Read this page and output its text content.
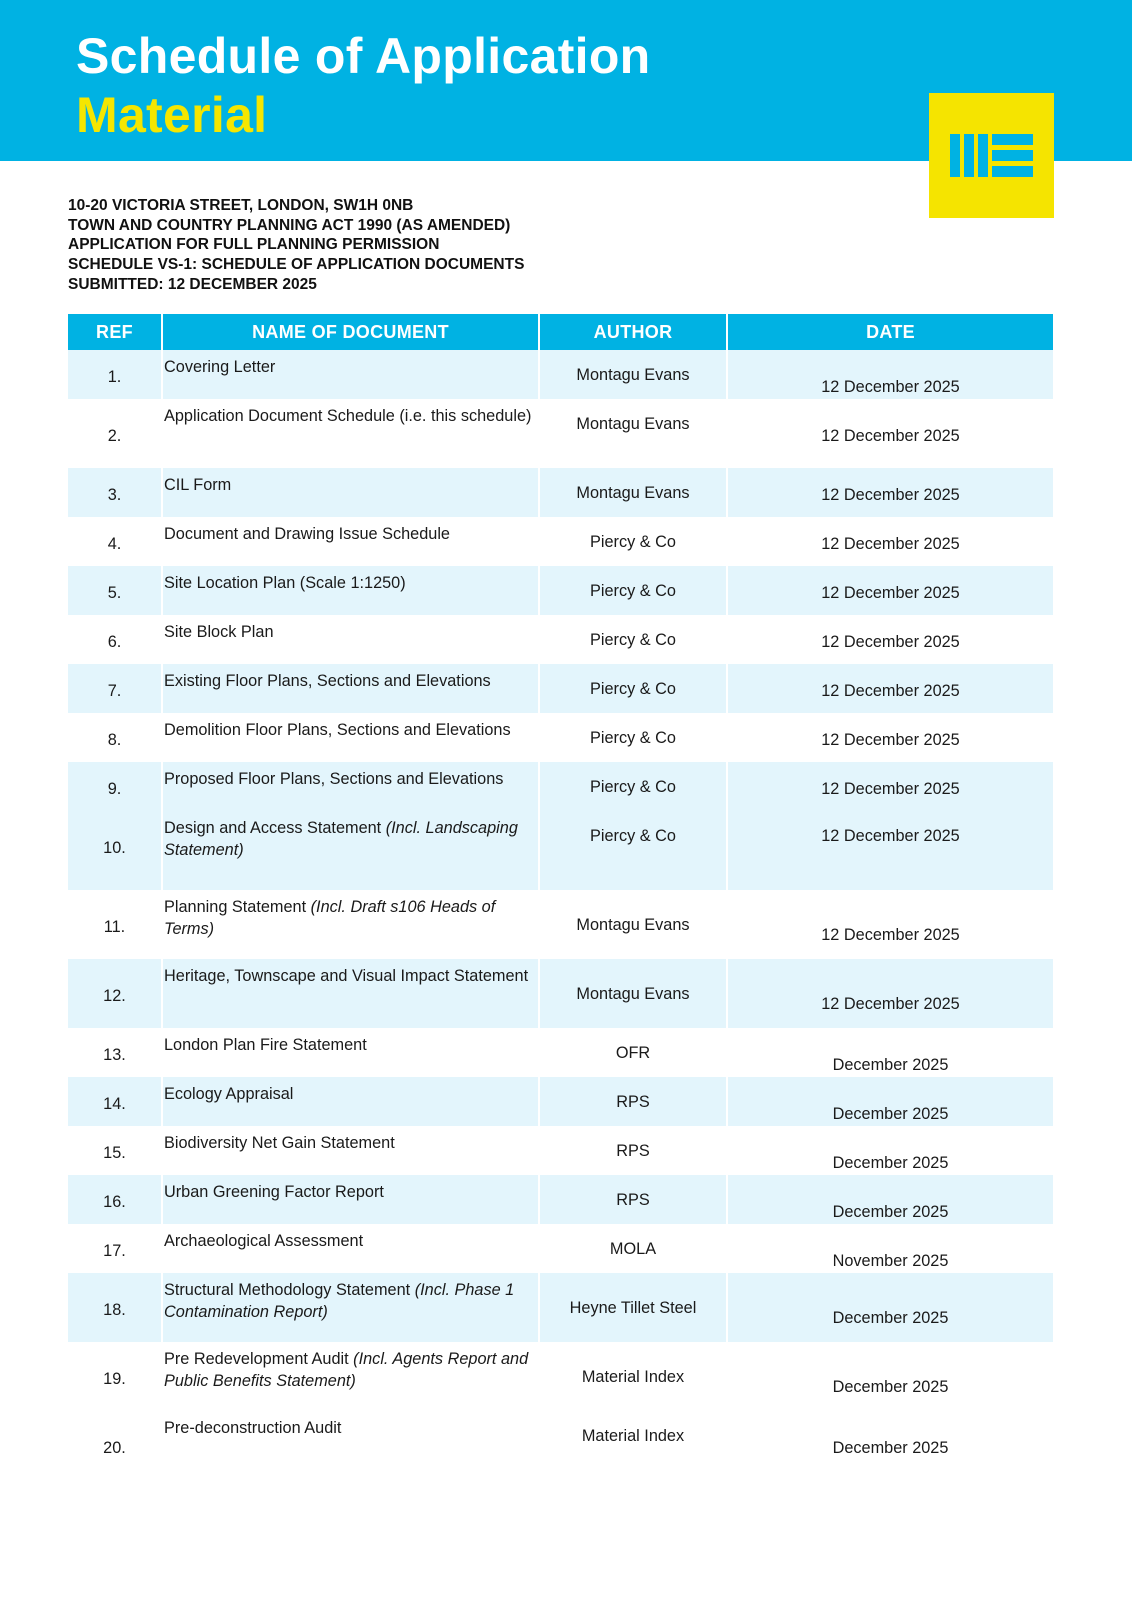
Schedule of Application
Material
10-20 VICTORIA STREET, LONDON, SW1H 0NB
TOWN AND COUNTRY PLANNING ACT 1990 (AS AMENDED)
APPLICATION FOR FULL PLANNING PERMISSION
SCHEDULE VS-1: SCHEDULE OF APPLICATION DOCUMENTS
SUBMITTED: 12 DECEMBER 2025
REF	NAME OF DOCUMENT	AUTHOR	DATE

1.	Covering Letter	Montagu Evans	12 December 2025

2.	Application Document Schedule (i.e. this schedule)	Montagu Evans	12 December 2025

3.	CIL Form	Montagu Evans	12 December 2025

4.	Document and Drawing Issue Schedule	Piercy & Co	12 December 2025

5.	Site Location Plan (Scale 1:1250)	Piercy & Co	12 December 2025

6.	Site Block Plan	Piercy & Co	12 December 2025

7.	Existing Floor Plans, Sections and Elevations	Piercy & Co	12 December 2025

8.	Demolition Floor Plans, Sections and Elevations	Piercy & Co	12 December 2025

9.	Proposed Floor Plans, Sections and Elevations	Piercy & Co	12 December 2025

10.	Design and Access Statement (Incl. Landscaping Statement)	Piercy & Co	12 December 2025

11.	Planning Statement (Incl. Draft s106 Heads of Terms)	Montagu Evans	12 December 2025

12.	Heritage, Townscape and Visual Impact Statement	Montagu Evans	12 December 2025

13.	London Plan Fire Statement	OFR	December 2025

14.	Ecology Appraisal	RPS	December 2025

15.	Biodiversity Net Gain Statement	RPS	December 2025

16.	Urban Greening Factor Report	RPS	December 2025

17.	Archaeological Assessment	MOLA	November 2025

18.	Structural Methodology Statement (Incl. Phase 1 Contamination Report)	Heyne Tillet Steel	December 2025

19.	Pre Redevelopment Audit (Incl. Agents Report and Public Benefits Statement)	Material Index	December 2025

20.	Pre-deconstruction Audit	Material Index	December 2025
